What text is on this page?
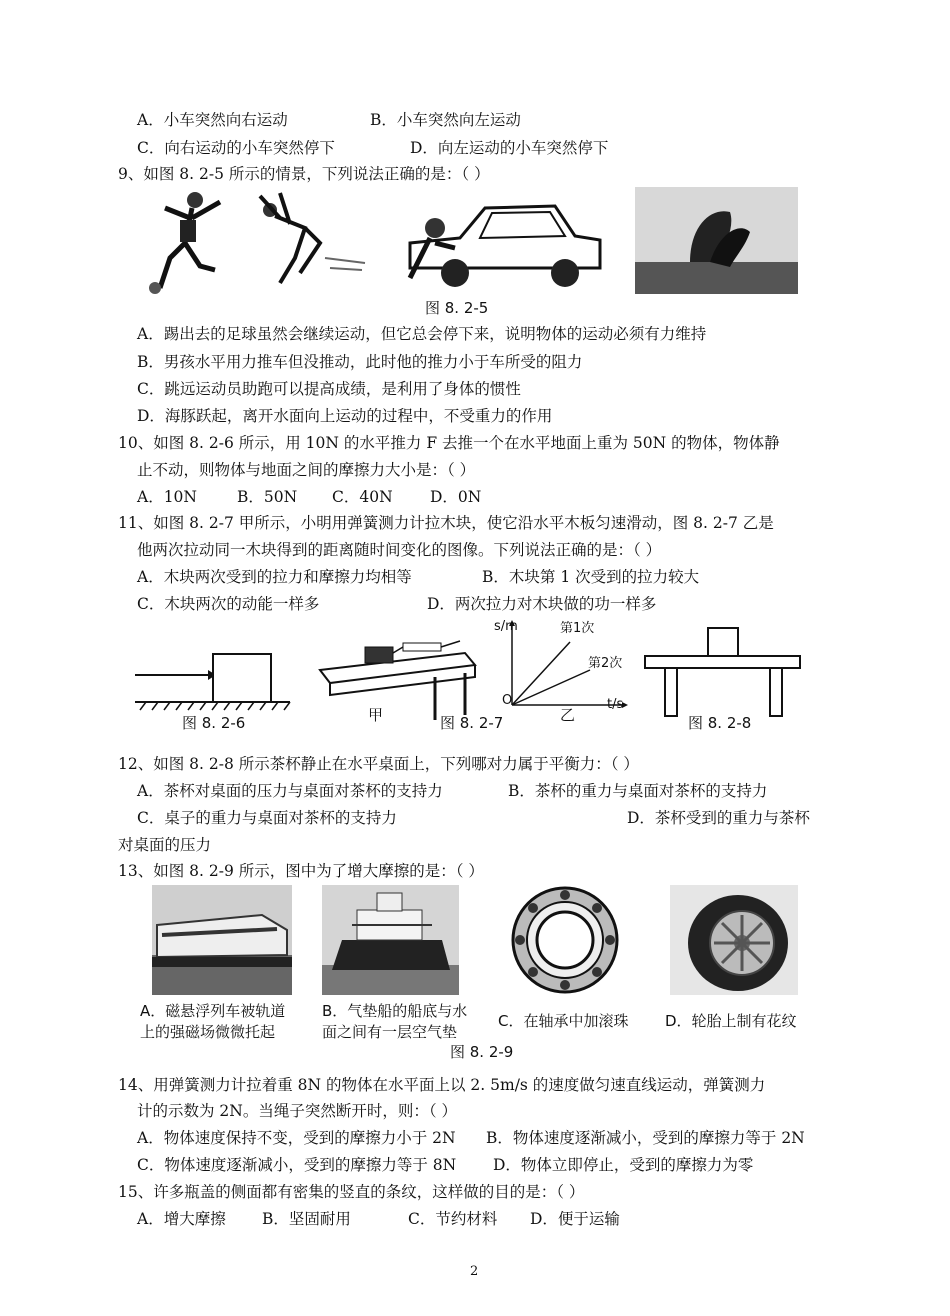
A．小车突然向右运动	B．小车突然向左运动
C．向右运动的小车突然停下	D．向左运动的小车突然停下
9、如图 8. 2-5 所示的情景，下列说法正确的是：（ ）
图 8. 2-5
A．踢出去的足球虽然会继续运动，但它总会停下来，说明物体的运动必须有力维持
B．男孩水平用力推车但没推动，此时他的推力小于车所受的阻力
C．跳远运动员助跑可以提高成绩，是利用了身体的惯性
D．海豚跃起，离开水面向上运动的过程中，不受重力的作用
10、如图 8. 2-6 所示，用 10N 的水平推力 F 去推一个在水平地面上重为 50N 的物体，物体静
止不动，则物体与地面之间的摩擦力大小是：（ ）
A．10N	B．50N C．40N D．0N
11、如图 8. 2-7 甲所示，小明用弹簧测力计拉木块，使它沿水平木板匀速滑动，图 8. 2-7 乙是
他两次拉动同一木块得到的距离随时间变化的图像。下列说法正确的是：（ ）
A．木块两次受到的拉力和摩擦力均相等	B．木块第 1 次受到的拉力较大
C．木块两次的动能一样多	D．两次拉力对木块做的功一样多
图 8. 2-6	甲
s/m
t/s
O
第1次
第2次
乙
图 8. 2-7	图 8. 2-8
12、如图 8. 2-8 所示茶杯静止在水平桌面上，下列哪对力属于平衡力：（ ）
A．茶杯对桌面的压力与桌面对茶杯的支持力	B．茶杯的重力与桌面对茶杯的支持力
C．桌子的重力与桌面对茶杯的支持力	D．茶杯受到的重力与茶杯
对桌面的压力
13、如图 8. 2-9 所示，图中为了增大摩擦的是：（ ）
A．磁悬浮列车被轨道
上的强磁场微微托起
B．气垫船的船底与水
面之间有一层空气垫
C．在轴承中加滚珠 D．轮胎上制有花纹
图 8. 2-9
14、用弹簧测力计拉着重 8N 的物体在水平面上以 2. 5m/s 的速度做匀速直线运动，弹簧测力
计的示数为 2N。当绳子突然断开时，则：（ ）
A．物体速度保持不变，受到的摩擦力小于 2N B．物体速度逐渐减小，受到的摩擦力等于 2N
C．物体速度逐渐减小，受到的摩擦力等于 8N D．物体立即停止，受到的摩擦力为零
15、许多瓶盖的侧面都有密集的竖直的条纹，这样做的目的是：（ ）
A．增大摩擦 B．坚固耐用	C．节约材料 D．便于运输
2
